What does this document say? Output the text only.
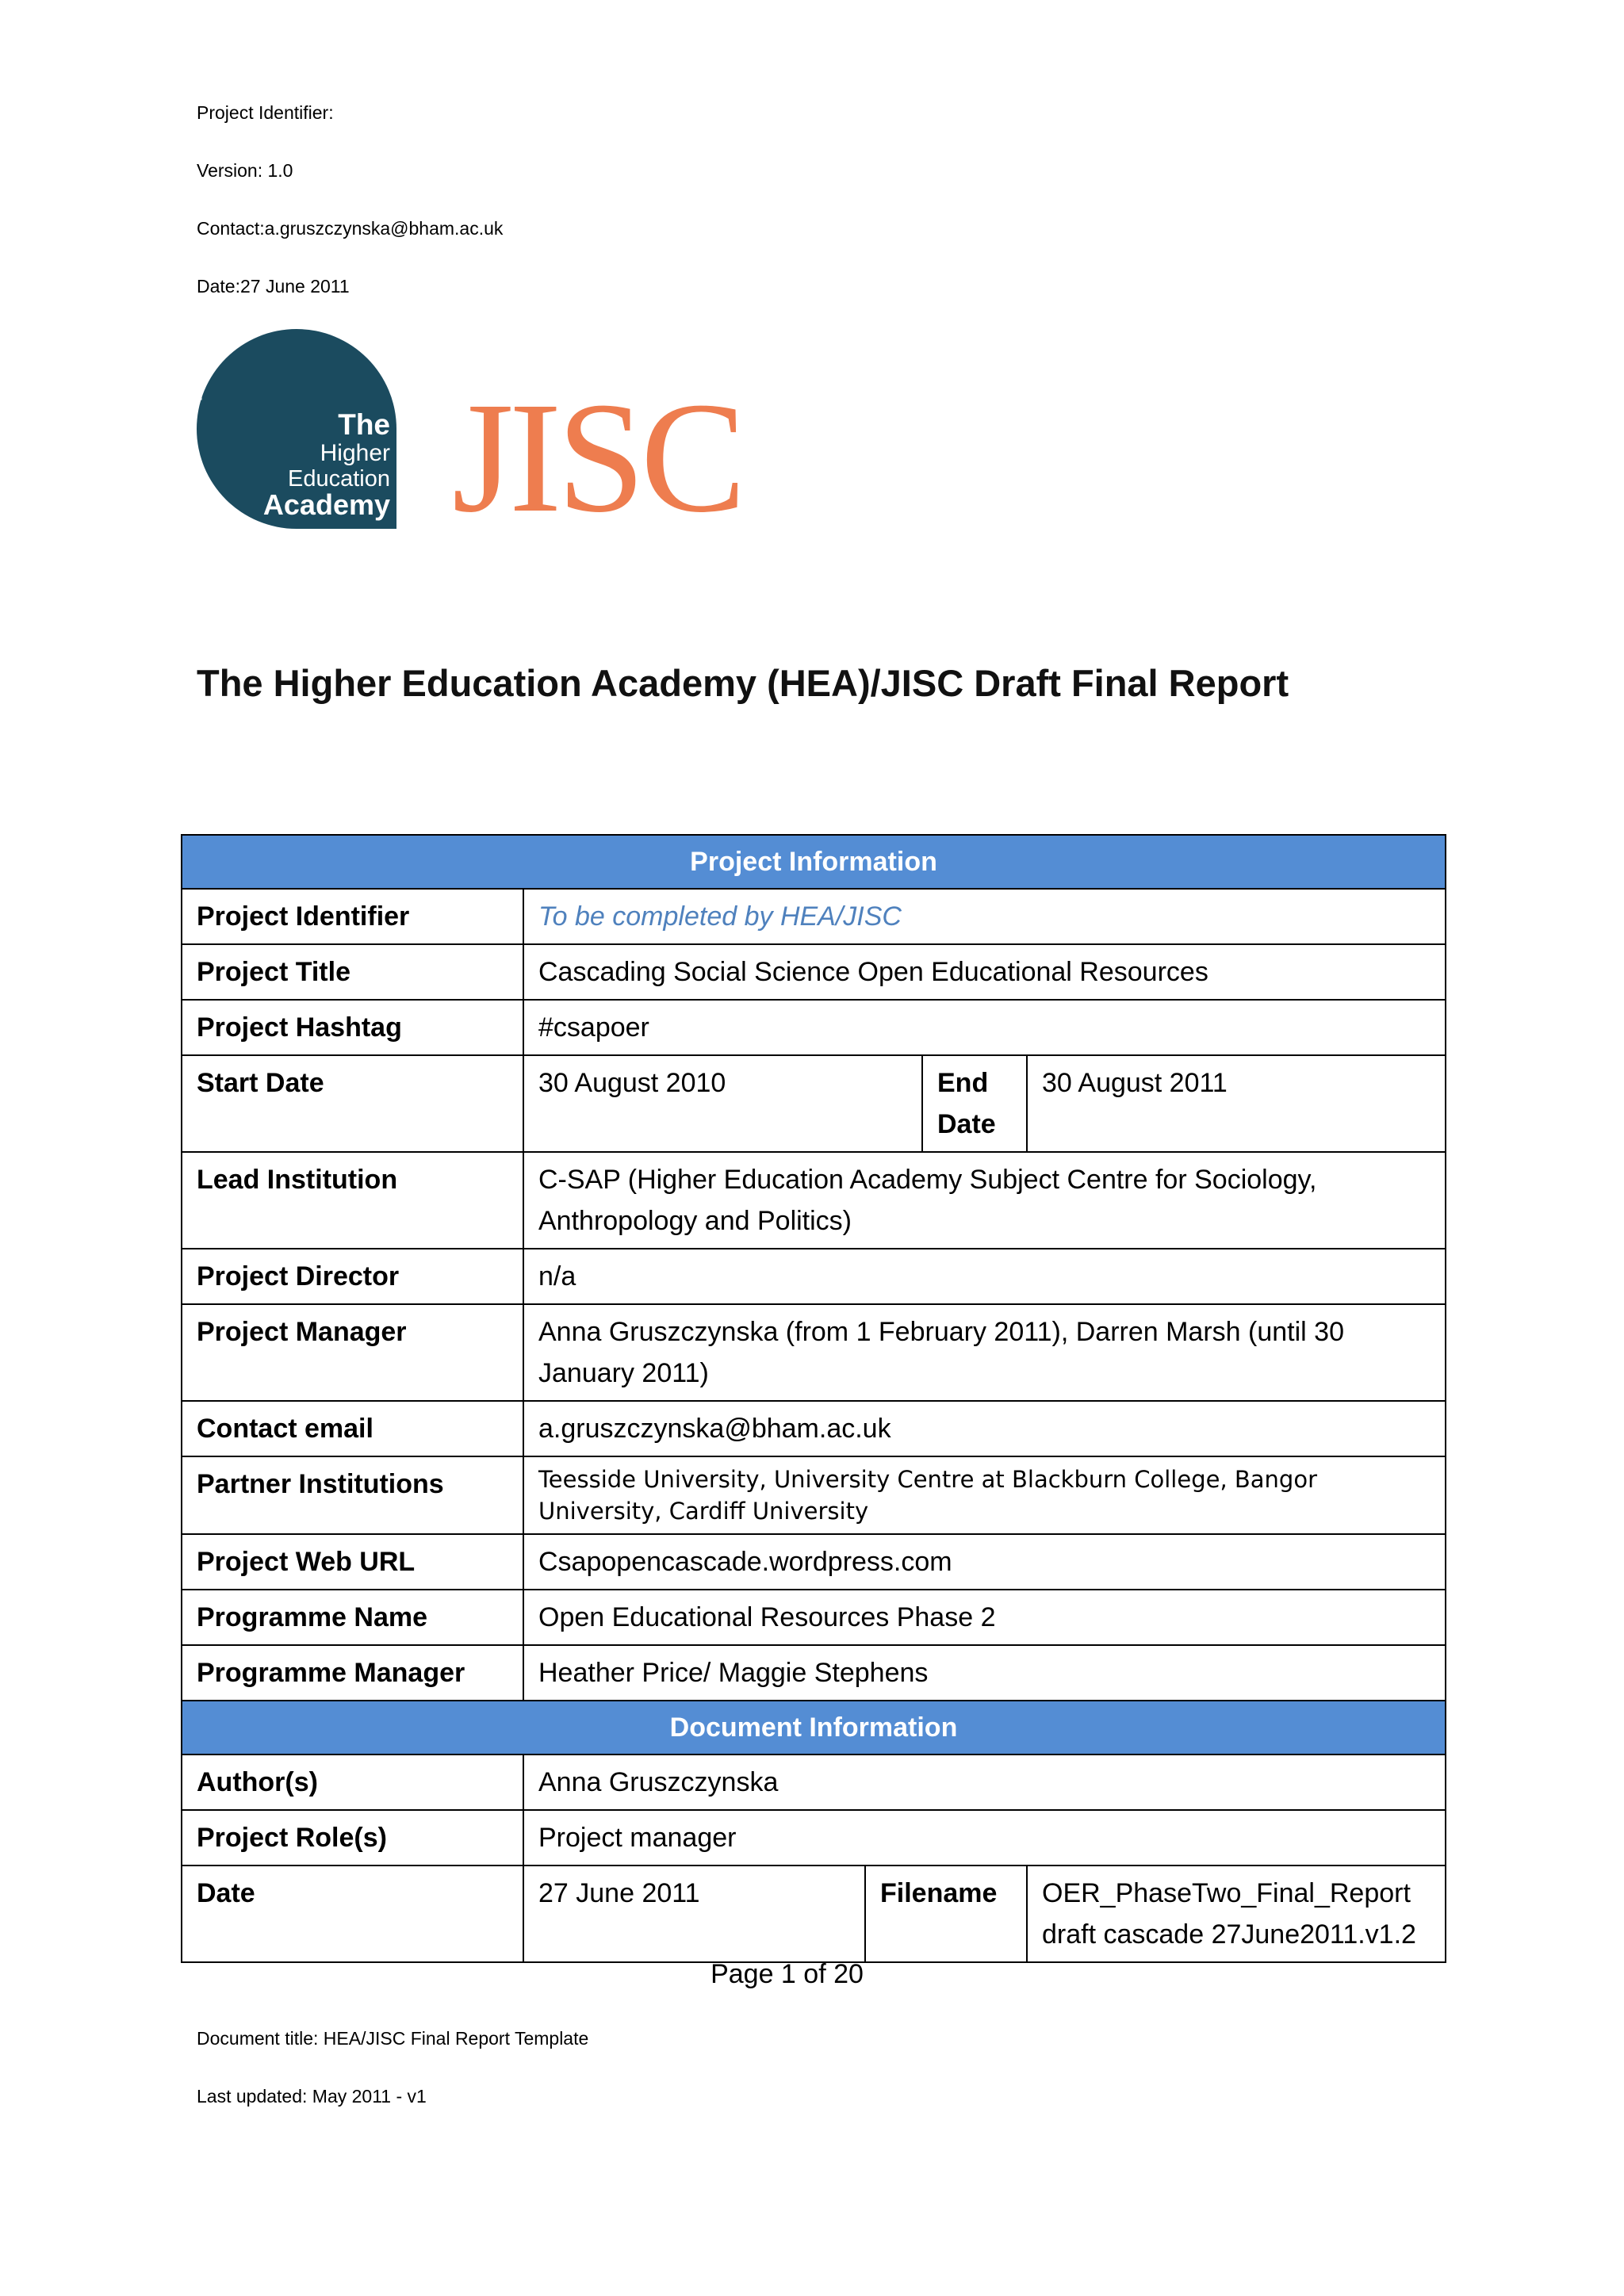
Project Identifier:
Version: 1.0
Contact:a.gruszczynska@bham.ac.uk
Date:27 June 2011
The
Higher
Education
Academy JISC
The Higher Education Academy (HEA)/JISC Draft Final Report
Project Information				
Project Identifier	To be completed by HEA/JISC			
Project Title	Cascading Social Science Open Educational Resources			
Project Hashtag	#csapoer			
Start Date	30 August 2010		End Date	30 August 2011
Lead Institution	C-SAP (Higher Education Academy Subject Centre for Sociology, Anthropology and Politics)			
Project Director	n/a			
Project Manager	Anna Gruszczynska (from 1 February 2011), Darren Marsh (until 30 January 2011)			
Contact email	a.gruszczynska@bham.ac.uk			
Partner Institutions	Teesside University, University Centre at Blackburn College, Bangor University, Cardiff University			
Project Web URL	Csapopencascade.wordpress.com			
Programme Name	Open Educational Resources Phase 2			
Programme Manager	Heather Price/ Maggie Stephens			
Document Information				
Author(s)	Anna Gruszczynska			
Project Role(s)	Project manager			
Date	27 June 2011	Filename		OER_PhaseTwo_Final_Report draft cascade 27June2011.v1.2
Page 1 of 20
Document title: HEA/JISC Final Report Template
Last updated: May 2011 - v1
